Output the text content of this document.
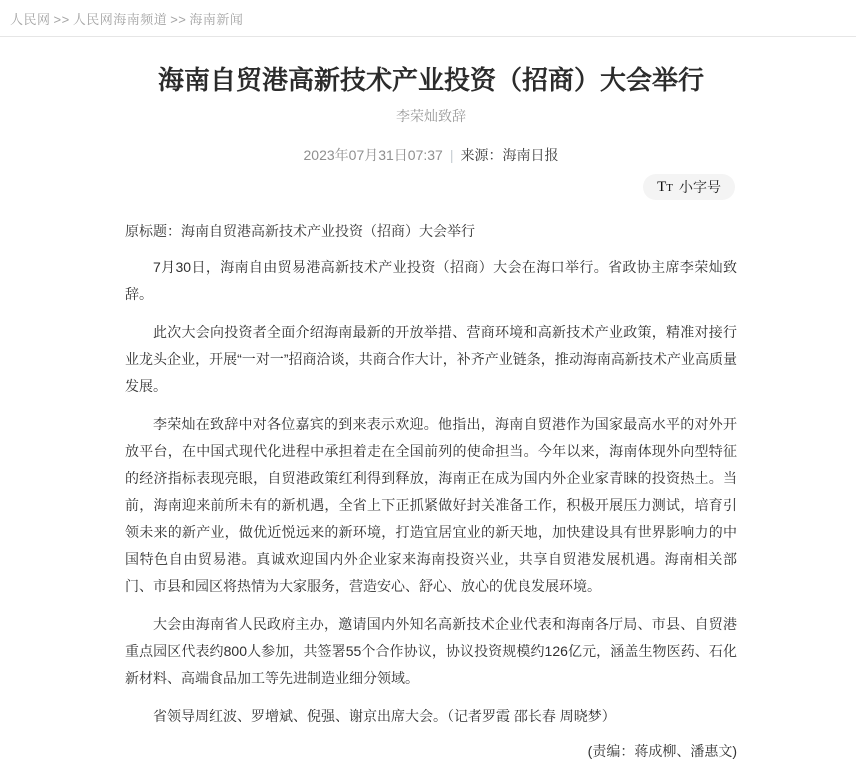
人民网 >> 人民网海南频道 >> 海南新闻
海南自贸港高新技术产业投资（招商）大会举行
李荣灿致辞
2023年07月31日07:37 | 来源：海南日报
TT 小字号
原标题：海南自贸港高新技术产业投资（招商）大会举行

7月30日，海南自由贸易港高新技术产业投资（招商）大会在海口举行。省政协主席李荣灿致辞。

此次大会向投资者全面介绍海南最新的开放举措、营商环境和高新技术产业政策，精准对接行业龙头企业，开展“一对一”招商洽谈，共商合作大计，补齐产业链条，推动海南高新技术产业高质量发展。

李荣灿在致辞中对各位嘉宾的到来表示欢迎。他指出，海南自贸港作为国家最高水平的对外开放平台，在中国式现代化进程中承担着走在全国前列的使命担当。今年以来，海南体现外向型特征的经济指标表现亮眼，自贸港政策红利得到释放，海南正在成为国内外企业家青睐的投资热土。当前，海南迎来前所未有的新机遇，全省上下正抓紧做好封关准备工作，积极开展压力测试，培育引领未来的新产业，做优近悦远来的新环境，打造宜居宜业的新天地，加快建设具有世界影响力的中国特色自由贸易港。真诚欢迎国内外企业家来海南投资兴业，共享自贸港发展机遇。海南相关部门、市县和园区将热情为大家服务，营造安心、舒心、放心的优良发展环境。

大会由海南省人民政府主办，邀请国内外知名高新技术企业代表和海南各厅局、市县、自贸港重点园区代表约800人参加，共签署55个合作协议，协议投资规模约126亿元，涵盖生物医药、石化新材料、高端食品加工等先进制造业细分领域。

省领导周红波、罗增斌、倪强、谢京出席大会。（记者罗霞 邵长春 周晓梦）

(责编：蒋成柳、潘惠文)
